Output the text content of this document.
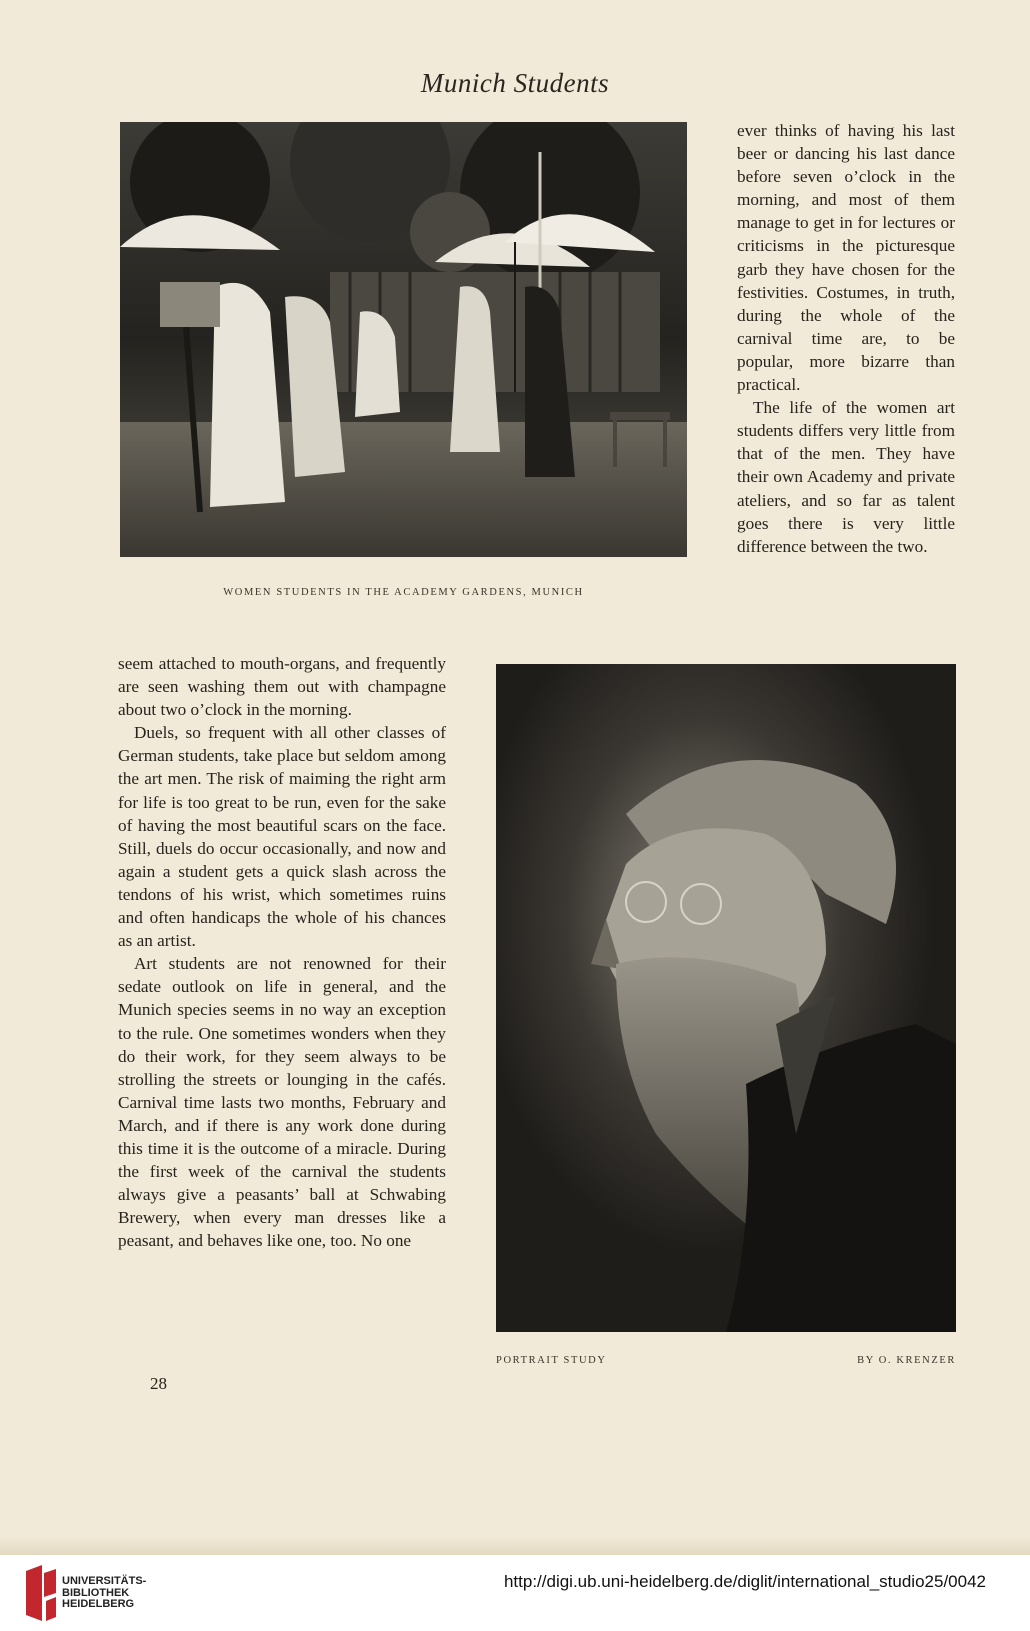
Munich Students
WOMEN STUDENTS IN THE ACADEMY GARDENS, MUNICH

ever thinks of having his last beer or dancing his last dance before seven o’clock in the morning, and most of them manage to get in for lectures or criticisms in the picturesque garb they have chosen for the festivities. Costumes, in truth, during the whole of the carnival time are, to be popular, more bizarre than practical.

The life of the women art students differs very little from that of the men. They have their own Academy and private ateliers, and so far as talent goes there is very little difference between the two.

seem attached to mouth-organs, and frequently are seen washing them out with champagne about two o’clock in the morning.

Duels, so frequent with all other classes of German students, take place but seldom among the art men. The risk of maiming the right arm for life is too great to be run, even for the sake of having the most beautiful scars on the face. Still, duels do occur occasionally, and now and again a student gets a quick slash across the tendons of his wrist, which sometimes ruins and often handicaps the whole of his chances as an artist.

Art students are not renowned for their sedate outlook on life in general, and the Munich species seems in no way an exception to the rule. One sometimes wonders when they do their work, for they seem always to be strolling the streets or lounging in the cafés. Carnival time lasts two months, February and March, and if there is any work done during this time it is the outcome of a miracle. During the first week of the carnival the students always give a peasants’ ball at Schwabing Brewery, when every man dresses like a peasant, and behaves like one, too. No one

PORTRAIT STUDY	BY O. KRENZER
28
UNIVERSITÄTS-
BIBLIOTHEK
HEIDELBERG
http://digi.ub.uni-heidelberg.de/diglit/international_studio25/0042
